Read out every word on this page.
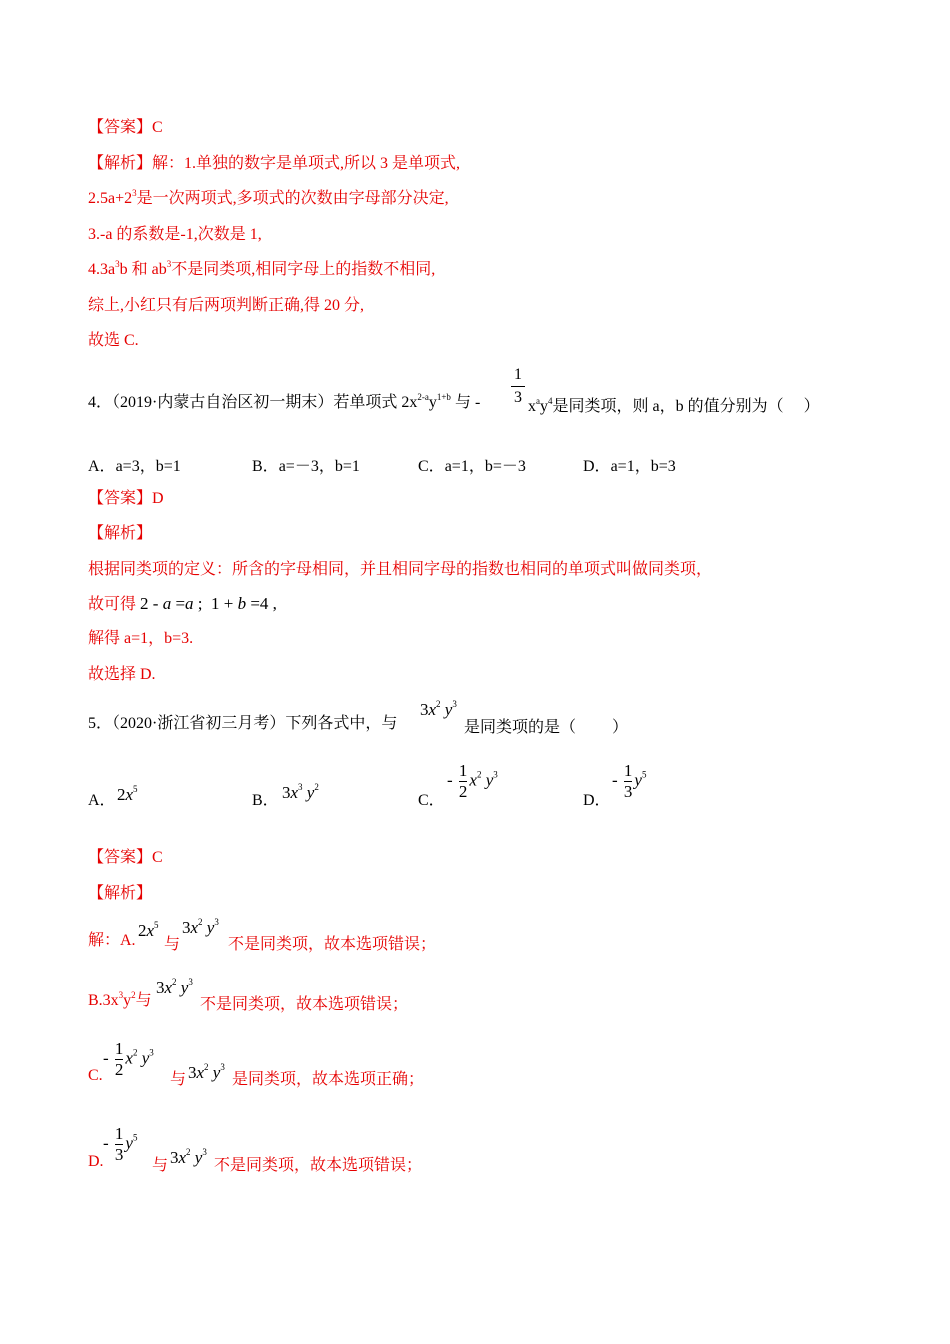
【答案】C
【解析】解：1.单独的数字是单项式,所以 3 是单项式,
$2.5a+2^3$是一次两项式,多项式的次数由字母部分决定,
3.-a 的系数是-1,次数是 1,
$4.3a^3b$ 和 $ab^3$不是同类项,相同字母上的指数不相同,
综上,小红只有后两项判断正确,得 20 分,
故选 C.
4．（2019·内蒙古自治区初一期末）若单项式 $2x^{2-a}y^{1+b}$ 与 -
1
3
$x^ay^4$是同类项，则 a，b 的值分别为（　 ）
A．a=3，b=1	B．a=－3，b=1	C．a=1，b=－3	D．a=1，b=3
【答案】D
【解析】
根据同类项的定义：所含的字母相同，并且相同字母的指数也相同的单项式叫做同类项，
故可得 2 - a =a ;  1 + b =4 ,
解得 a=1，b=3.
故选择 D.
5．（2020·浙江省初三月考）下列各式中，与
$3x^2$ $y^3$
是同类项的是（　　 ）
A． $2x^5$
B． $3x^3$ $y^2$
C．
- $\frac{1}{2} x^2$ $y^3$
D．
- $\frac{1}{3} y^5$
【答案】C
【解析】
解：A.
$2x^5$
与
$3x^2$ $y^3$
不是同类项，故本选项错误；
$B.3x^3y^2$与
$3x^2$ $y^3$
不是同类项，故本选项错误；
C.
- $\frac{1}{2} x^2$ $y^3$
与 $3x^2$ $y^3$
是同类项，故本选项正确；
D.
- $\frac{1}{3} y^5$
与 $3x^2$ $y^3$
不是同类项，故本选项错误；
